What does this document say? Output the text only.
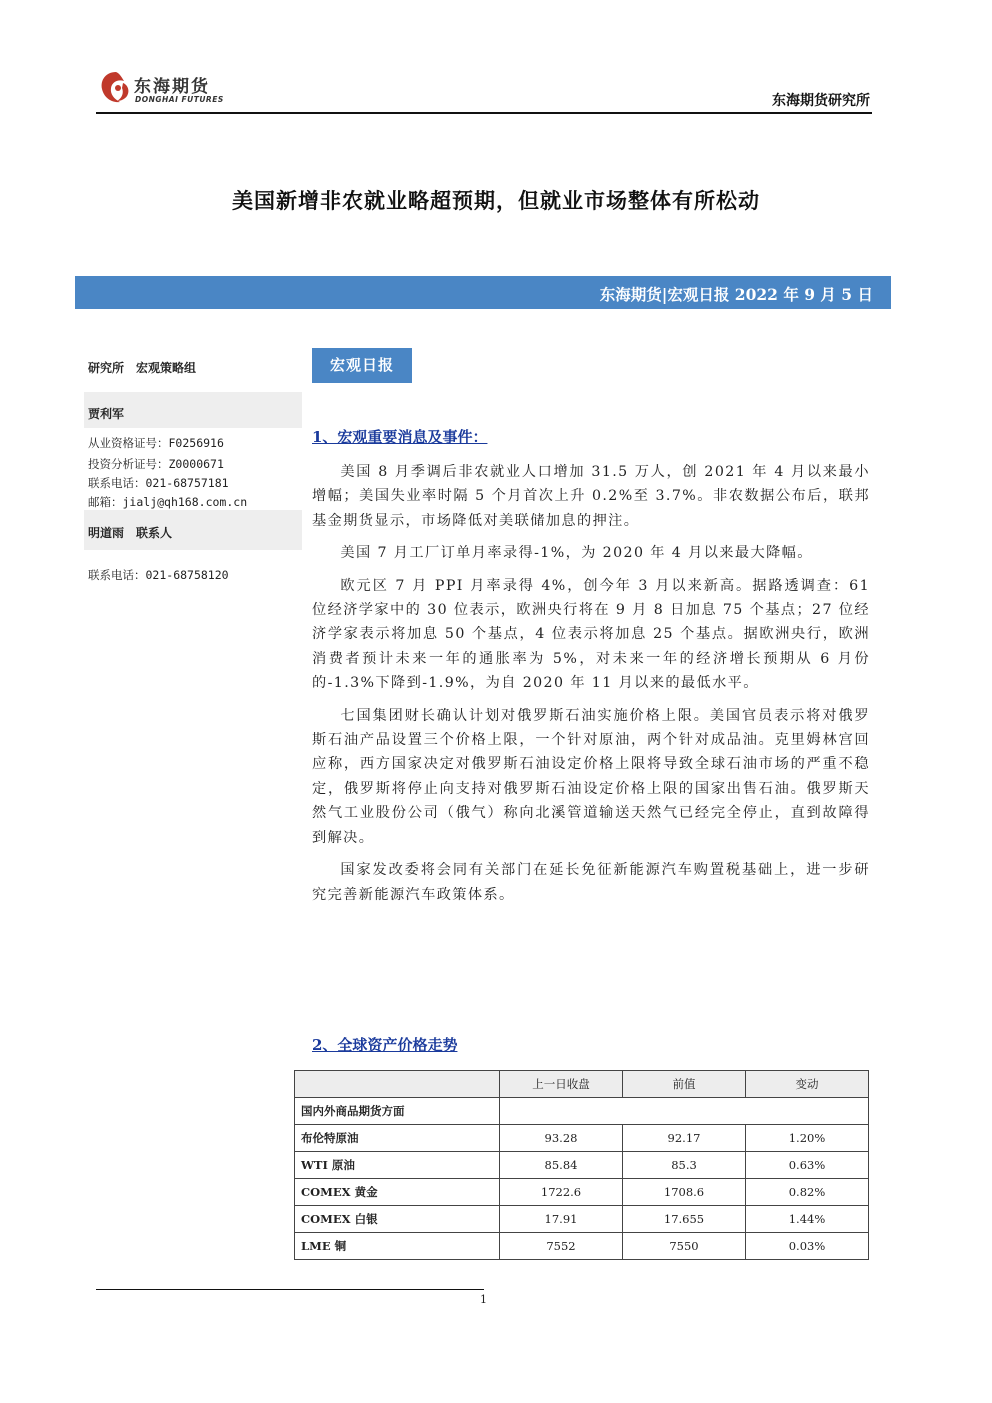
东海期货
DONGHAI FUTURES	东海期货研究所
美国新增非农就业略超预期，但就业市场整体有所松动
东海期货|宏观日报 2022 年 9 月 5 日
研究所　宏观策略组
贾利军
从业资格证号：F0256916
投资分析证号：Z0000671
联系电话：021-68757181
邮箱：jialj@qh168.com.cn
明道雨　联系人
联系电话：021-68758120
宏观日报
1、宏观重要消息及事件：

美国 8 月季调后非农就业人口增加 31.5 万人，创 2021 年 4 月以来最小增幅；美国失业率时隔 5 个月首次上升 0.2%至 3.7%。非农数据公布后，联邦基金期货显示，市场降低对美联储加息的押注。

美国 7 月工厂订单月率录得-1%，为 2020 年 4 月以来最大降幅。

欧元区 7 月 PPI 月率录得 4%，创今年 3 月以来新高。据路透调查：61 位经济学家中的 30 位表示，欧洲央行将在 9 月 8 日加息 75 个基点；27 位经济学家表示将加息 50 个基点，4 位表示将加息 25 个基点。据欧洲央行，欧洲消费者预计未来一年的通胀率为 5%，对未来一年的经济增长预期从 6 月份的-1.3%下降到-1.9%，为自 2020 年 11 月以来的最低水平。

七国集团财长确认计划对俄罗斯石油实施价格上限。美国官员表示将对俄罗斯石油产品设置三个价格上限，一个针对原油，两个针对成品油。克里姆林宫回应称，西方国家决定对俄罗斯石油设定价格上限将导致全球石油市场的严重不稳定，俄罗斯将停止向支持对俄罗斯石油设定价格上限的国家出售石油。俄罗斯天然气工业股份公司（俄气）称向北溪管道输送天然气已经完全停止，直到故障得到解决。

国家发改委将会同有关部门在延长免征新能源汽车购置税基础上，进一步研究完善新能源汽车政策体系。

2、全球资产价格走势
	上一日收盘	前值	变动
国内外商品期货方面			
布伦特原油	93.28	92.17	1.20%
WTI 原油	85.84	85.3	0.63%
COMEX 黄金	1722.6	1708.6	0.82%
COMEX 白银	17.91	17.655	1.44%
LME 铜	7552	7550	0.03%
1
